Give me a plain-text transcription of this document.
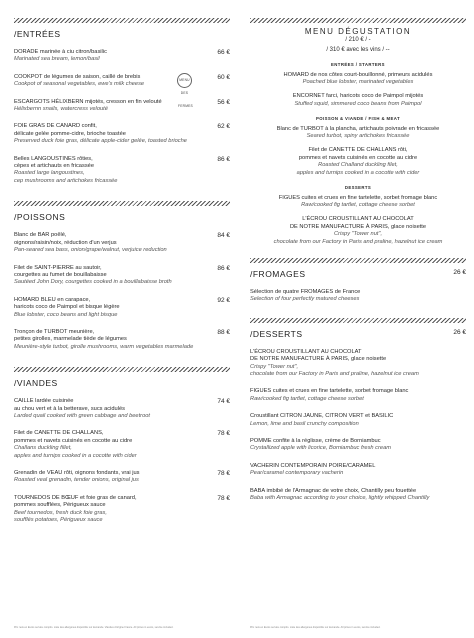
/ENTRÉES
DORADE marinée à ciu citron/basilic
Marinated sea bream, lemon/basil
66 €
COOKPOT de légumes de saison, caillé de brebis
Cookpot of seasonal vegetables, ewe's milk cheese
MENU DES FERMES
60 €
ESCARGOTS HÉLIXBERN mijotés, cresson en fin velouté
Hélixbernn snails, watercress velouté
56 €
FOIE GRAS DE CANARD confit,
délicate gelée pomme-cidre, brioche toastée
Preserved duck foie gras, délicate apple-cider gelée, toasted brioche
62 €
Belles LANGOUSTINES rôties,
cèpes et artichauts en fricassée
Roasted large langoustines,
cep mushrooms and artichokes fricassée
86 €
/POISSONS
Blanc de BAR poêlé,
oignons/raisin/noix, réduction d'un verjus
Pan-seared sea bass, onion/grape/walnut, verjuice reduction
84 €
Filet de SAINT-PIERRE au sautoir,
courgettes au fumet de bouillabaisse
Sautéed John Dory, courgettes cooked in a bouillabaisse broth
86 €
HOMARD BLEU en carapace,
haricots coco de Paimpol et bisque légère
Blue lobster, coco beans and light bisque
92 €
Tronçon de TURBOT meunière,
petites girolles, marmelade tiède de légumes
Meunière-style turbot, girolle mushrooms, warm vegetables marmelade
88 €
/VIANDES
CAILLE lardée cuisinée
au chou vert et à la betterave, sucs acidulés
Larded quail cooked with green cabbage and beetroot
74 €
Filet de CANETTE DE CHALLANS,
pommes et navets cuisinés en cocotte au cidre
Challans duckling fillet,
apples and turnips cooked in a cocotte with cider
78 €
Grenadin de VEAU rôti, oignons fondants, vrai jus
Roasted veal grenadin, tender onions, original jus
78 €
TOURNEDOS DE BŒUF et foie gras de canard,
pommes soufflées, Périgueux sauce
Beef tournedos, fresh duck foie gras,
soufflés potatoes, Périgueux sauce
78 €
Prix nets en Euros service compris. Liste des allergènes disponible sur demande. Viandes d'origine France. All prices in euros, service included.
MENU DÉGUSTATION
/ 210 € / -
/ 310 € avec les vins / --
ENTRÉES / STARTERS
HOMARD de nos côtes court-bouillonné, primeurs acidulés
Poached blue lobster, marinated vegetables
ENCORNET farci, haricots coco de Paimpol mijotés
Stuffed squid, simmered coco beans from Paimpol
POISSON & VIANDE / FISH & MEAT
Blanc de TURBOT à la plancha, artichauts poivrade en fricassée
Seared turbot, spiny artichokes fricassée
Filet de CANETTE DE CHALLANS rôti,
pommes et navets cuisinés en cocotte au cidre
Roasted Challand duckling filet,
apples and turnips cooked in a cocotte with cider
DESSERTS
FIGUES cuites et crues en fine tartelette, sorbet fromage blanc
Raw/cooked fig tartlet, cottage cheese sorbet
L'ÉCROU CROUSTILLANT AU CHOCOLAT
DE NOTRE MANUFACTURE À PARIS, glace noisette
Crispy "Tower nut",
chocolate from our Factory in Paris and praline, hazelnut ice cream
/FROMAGES	26 €
Sélection de quatre FROMAGES de France
Selection of four perfectly matured cheeses
/DESSERTS	26 €
L'ÉCROU CROUSTILLANT AU CHOCOLAT
DE NOTRE MANUFACTURE À PARIS, glace noisette
Crispy "Tower nut",
chocolate from our Factory in Paris and praline, hazelnut ice cream
FIGUES cuites et crues en fine tartelette, sorbet fromage blanc
Raw/cooked fig tartlet, cottage cheese sorbet
Croustillant CITRON JAUNE, CITRON VERT et BASILIC
Lemon, lime and basil crunchy composition
POMME confite à la réglisse, crème de Borniambuc
Crystallized apple with licorice, Borniambuc fresh cream
VACHERIN CONTEMPORAIN POIRE/CARAMEL
Pear/caramel contemporary vacherin
BABA imbibé de l'Armagnac de votre choix, Chantilly peu fouettée
Baba with Armagnac according to your choice, lightly whipped Chantilly
Prix nets en Euros service compris. Liste des allergènes disponible sur demande. All prices in euros, service included.
